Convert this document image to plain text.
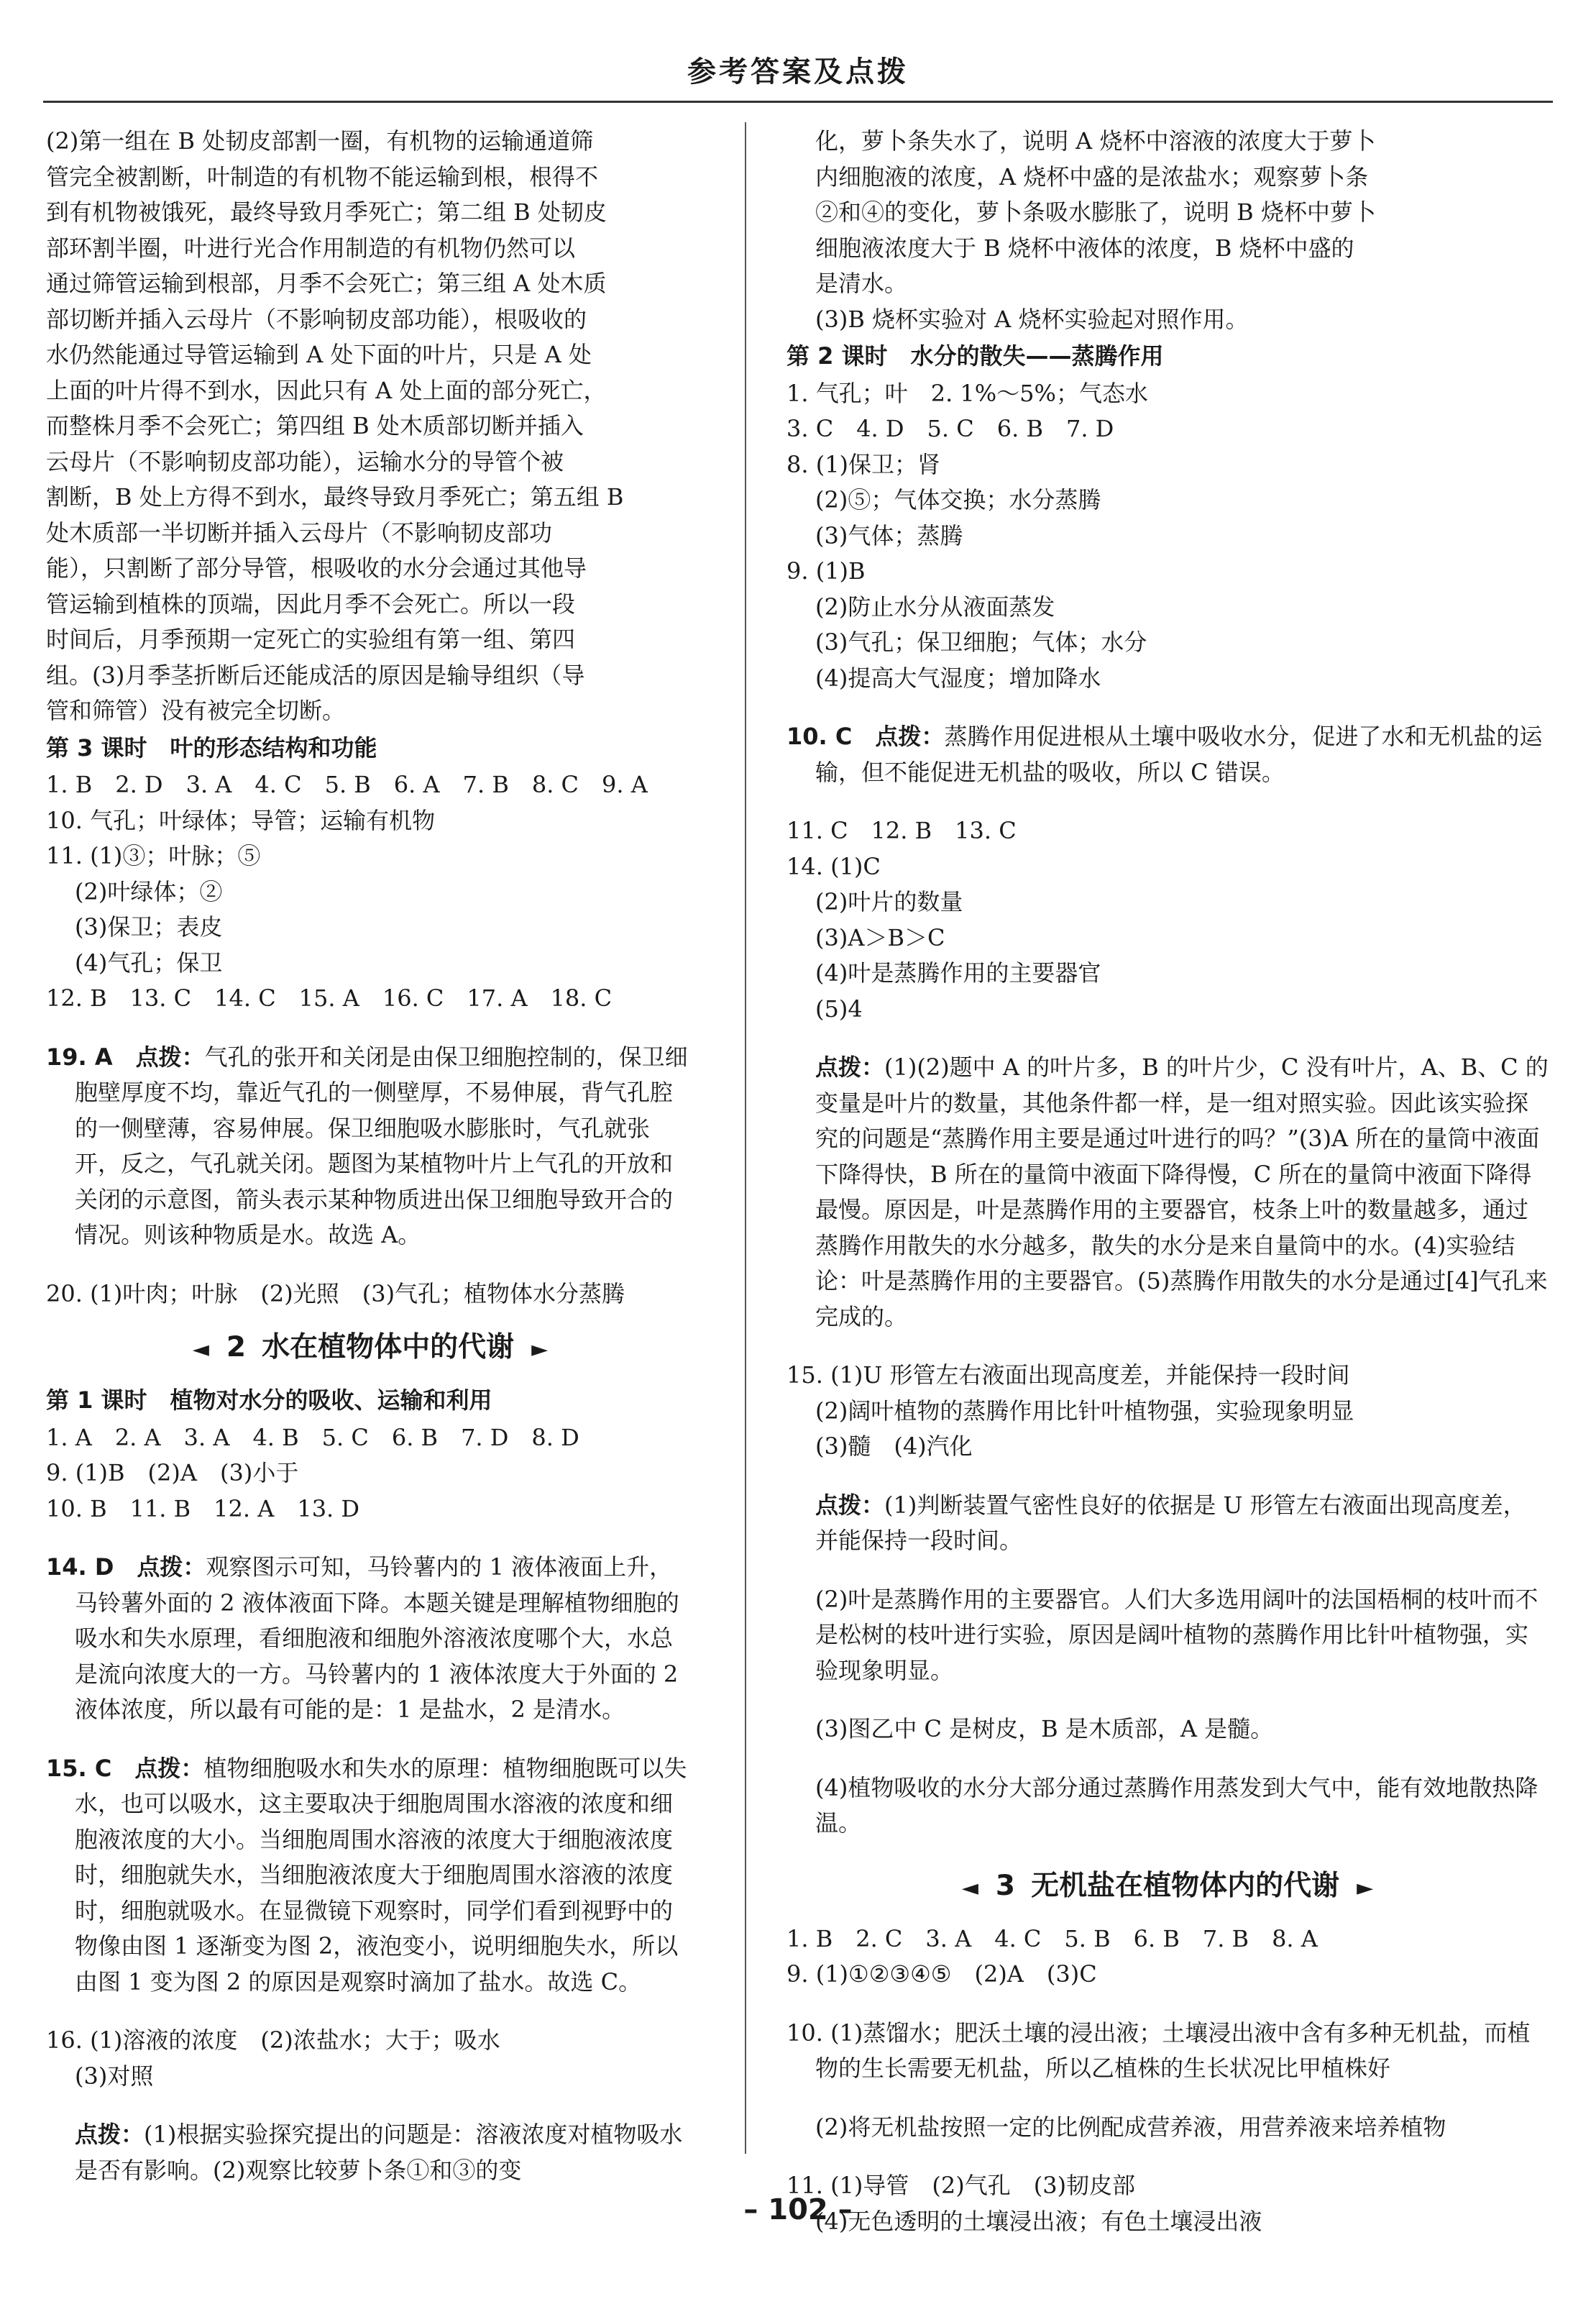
参考答案及点拨

(2)第一组在 B 处韧皮部割一圈，有机物的运输通道筛

管完全被割断，叶制造的有机物不能运输到根，根得不

到有机物被饿死，最终导致月季死亡；第二组 B 处韧皮

部环割半圈，叶进行光合作用制造的有机物仍然可以

通过筛管运输到根部，月季不会死亡；第三组 A 处木质

部切断并插入云母片（不影响韧皮部功能），根吸收的

水仍然能通过导管运输到 A 处下面的叶片，只是 A 处

上面的叶片得不到水，因此只有 A 处上面的部分死亡，

而整株月季不会死亡；第四组 B 处木质部切断并插入

云母片（不影响韧皮部功能），运输水分的导管个被

割断，B 处上方得不到水，最终导致月季死亡；第五组 B

处木质部一半切断并插入云母片（不影响韧皮部功

能），只割断了部分导管，根吸收的水分会通过其他导

管运输到植株的顶端，因此月季不会死亡。所以一段

时间后，月季预期一定死亡的实验组有第一组、第四

组。(3)月季茎折断后还能成活的原因是输导组织（导

管和筛管）没有被完全切断。

第 3 课时　叶的形态结构和功能

1. B　2. D　3. A　4. C　5. B　6. A　7. B　8. C　9. A

10. 气孔；叶绿体；导管；运输有机物

11. (1)③；叶脉；⑤

(2)叶绿体；②

(3)保卫；表皮

(4)气孔；保卫

12. B　13. C　14. C　15. A　16. C　17. A　18. C

19. A　点拨：气孔的张开和关闭是由保卫细胞控制的，保卫细胞壁厚度不均，靠近气孔的一侧壁厚，不易伸展，背气孔腔的一侧壁薄，容易伸展。保卫细胞吸水膨胀时，气孔就张开，反之，气孔就关闭。题图为某植物叶片上气孔的开放和关闭的示意图，箭头表示某种物质进出保卫细胞导致开合的情况。则该种物质是水。故选 A。

20. (1)叶肉；叶脉　(2)光照　(3)气孔；植物体水分蒸腾

◄ 2 水在植物体中的代谢 ►
第 1 课时　植物对水分的吸收、运输和利用

1. A　2. A　3. A　4. B　5. C　6. B　7. D　8. D

9. (1)B　(2)A　(3)小于

10. B　11. B　12. A　13. D

14. D　点拨：观察图示可知，马铃薯内的 1 液体液面上升，马铃薯外面的 2 液体液面下降。本题关键是理解植物细胞的吸水和失水原理，看细胞液和细胞外溶液浓度哪个大，水总是流向浓度大的一方。马铃薯内的 1 液体浓度大于外面的 2 液体浓度，所以最有可能的是：1 是盐水，2 是清水。

15. C　点拨：植物细胞吸水和失水的原理：植物细胞既可以失水，也可以吸水，这主要取决于细胞周围水溶液的浓度和细胞液浓度的大小。当细胞周围水溶液的浓度大于细胞液浓度时，细胞就失水，当细胞液浓度大于细胞周围水溶液的浓度时，细胞就吸水。在显微镜下观察时，同学们看到视野中的物像由图 1 逐渐变为图 2，液泡变小，说明细胞失水，所以由图 1 变为图 2 的原因是观察时滴加了盐水。故选 C。

16. (1)溶液的浓度　(2)浓盐水；大于；吸水

(3)对照

点拨：(1)根据实验探究提出的问题是：溶液浓度对植物吸水是否有影响。(2)观察比较萝卜条①和③的变

化，萝卜条失水了，说明 A 烧杯中溶液的浓度大于萝卜

内细胞液的浓度，A 烧杯中盛的是浓盐水；观察萝卜条

②和④的变化，萝卜条吸水膨胀了，说明 B 烧杯中萝卜

细胞液浓度大于 B 烧杯中液体的浓度，B 烧杯中盛的

是清水。

(3)B 烧杯实验对 A 烧杯实验起对照作用。

第 2 课时　水分的散失——蒸腾作用

1. 气孔；叶　2. 1%～5%；气态水

3. C　4. D　5. C　6. B　7. D

8. (1)保卫；肾

(2)⑤；气体交换；水分蒸腾

(3)气体；蒸腾

9. (1)B

(2)防止水分从液面蒸发

(3)气孔；保卫细胞；气体；水分

(4)提高大气湿度；增加降水

10. C　点拨：蒸腾作用促进根从土壤中吸收水分，促进了水和无机盐的运输，但不能促进无机盐的吸收，所以 C 错误。

11. C　12. B　13. C

14. (1)C

(2)叶片的数量

(3)A＞B＞C

(4)叶是蒸腾作用的主要器官

(5)4

点拨：(1)(2)题中 A 的叶片多，B 的叶片少，C 没有叶片，A、B、C 的变量是叶片的数量，其他条件都一样，是一组对照实验。因此该实验探究的问题是“蒸腾作用主要是通过叶进行的吗？”(3)A 所在的量筒中液面下降得快，B 所在的量筒中液面下降得慢，C 所在的量筒中液面下降得最慢。原因是，叶是蒸腾作用的主要器官，枝条上叶的数量越多，通过蒸腾作用散失的水分越多，散失的水分是来自量筒中的水。(4)实验结论：叶是蒸腾作用的主要器官。(5)蒸腾作用散失的水分是通过[4]气孔来完成的。

15. (1)U 形管左右液面出现高度差，并能保持一段时间

(2)阔叶植物的蒸腾作用比针叶植物强，实验现象明显

(3)髓　(4)汽化

点拨：(1)判断装置气密性良好的依据是 U 形管左右液面出现高度差，并能保持一段时间。

(2)叶是蒸腾作用的主要器官。人们大多选用阔叶的法国梧桐的枝叶而不是松树的枝叶进行实验，原因是阔叶植物的蒸腾作用比针叶植物强，实验现象明显。

(3)图乙中 C 是树皮，B 是木质部，A 是髓。

(4)植物吸收的水分大部分通过蒸腾作用蒸发到大气中，能有效地散热降温。

◄ 3 无机盐在植物体内的代谢 ►

1. B　2. C　3. A　4. C　5. B　6. B　7. B　8. A

9. (1)①②③④⑤　(2)A　(3)C

10. (1)蒸馏水；肥沃土壤的浸出液；土壤浸出液中含有多种无机盐，而植物的生长需要无机盐，所以乙植株的生长状况比甲植株好

(2)将无机盐按照一定的比例配成营养液，用营养液来培养植物

11. (1)导管　(2)气孔　(3)韧皮部

(4)无色透明的土壤浸出液；有色土壤浸出液

– 102 –
